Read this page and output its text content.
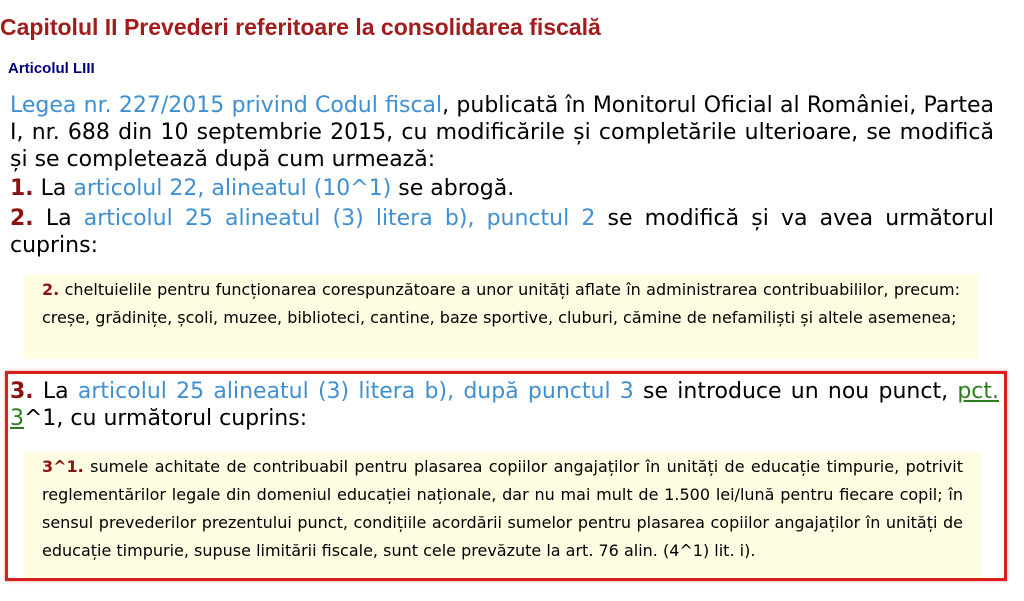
Capitolul II Prevederi referitoare la consolidarea fiscală
Articolul LIII

Legea nr. 227/2015 privind Codul fiscal, publicată în Monitorul Oficial al României, Partea I, nr. 688 din 10 septembrie 2015, cu modificările și completările ulterioare, se modifică și se completează după cum urmează:

1. La articolul 22, alineatul (10^1) se abrogă.

2. La articolul 25 alineatul (3) litera b), punctul 2 se modifică și va avea următorul cuprins:

2. cheltuielile pentru funcționarea corespunzătoare a unor unități aflate în administrarea contribuabililor, precum: creșe, grădinițe, școli, muzee, biblioteci, cantine, baze sportive, cluburi, cămine de nefamiliști și altele asemenea;

3. La articolul 25 alineatul (3) litera b), după punctul 3 se introduce un nou punct, pct. 3^1, cu următorul cuprins:

3^1. sumele achitate de contribuabil pentru plasarea copiilor angajaților în unități de educație timpurie, potrivit reglementărilor legale din domeniul educației naționale, dar nu mai mult de 1.500 lei/lună pentru fiecare copil; în sensul prevederilor prezentului punct, condițiile acordării sumelor pentru plasarea copiilor angajaților în unități de educație timpurie, supuse limitării fiscale, sunt cele prevăzute la art. 76 alin. (4^1) lit. i).
